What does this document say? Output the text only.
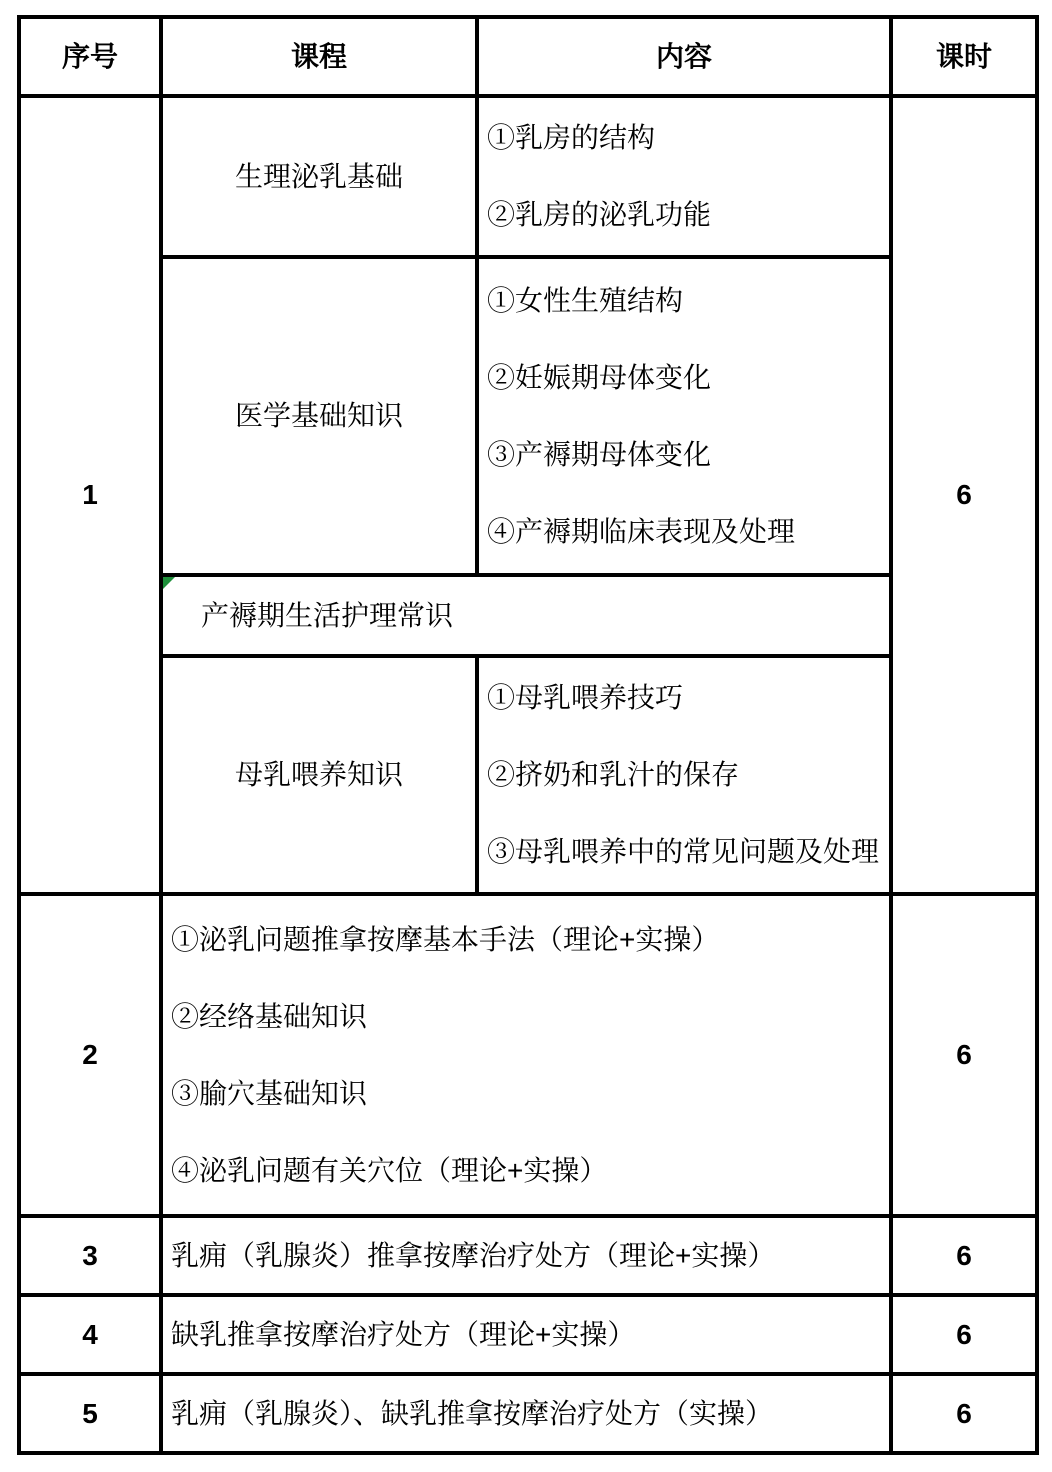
序号	课程	内容	课时
1	生理泌乳基础	①乳房的结构
②乳房的泌乳功能	6
	医学基础知识	①女性生殖结构
②妊娠期母体变化
③产褥期母体变化
④产褥期临床表现及处理	

产褥期生活护理常识		
	母乳喂养知识	①母乳喂养技巧
②挤奶和乳汁的保存
③母乳喂养中的常见问题及处理	

2	①泌乳问题推拿按摩基本手法（理论+实操）
②经络基础知识
③腧穴基础知识
④泌乳问题有关穴位（理论+实操）		6
3	乳痈（乳腺炎）推拿按摩治疗处方（理论+实操）		6
4	缺乳推拿按摩治疗处方（理论+实操）		6
5	乳痈（乳腺炎）、缺乳推拿按摩治疗处方（实操）		6
